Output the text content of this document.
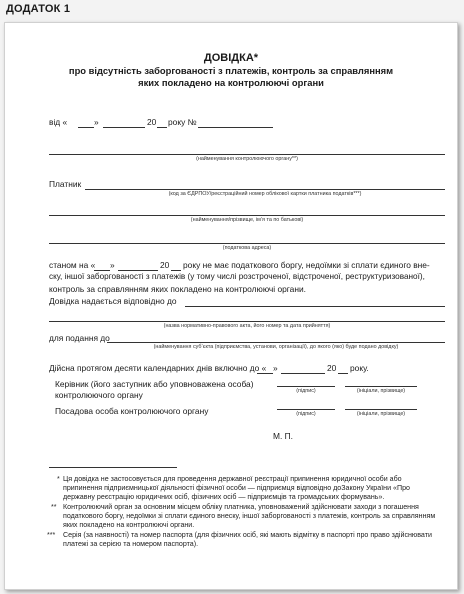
ДОДАТОК 1
ДОВІДКА*
про відсутність заборгованості з платежів, контроль за справлянням
яких покладено на контролюючі органи
від «	»	20 року №
(найменування контролюючого органу**)
Платник
(код за ЄДРПОУ/реєстраційний номер облікової картки платника податків***)
(найменування/прізвище, ім’я та по батькові)
(податкова адреса)
станом на « »	20 року не має податкового боргу, недоїмки зі сплати єдиного вне-
ску, іншої заборгованості з платежів (у тому числі розстроченої, відстроченої, реструктуризованої),
контроль за справлянням яких покладено на контролюючі органи.
Довідка надається відповідно до
(назва нормативно-правового акта, його номер та дата прийняття)
для подання до
(найменування суб’єкта (підприємства, установи, організації), до якого (яко) буде подано довідку)
Дійсна протягом десяти календарних днів включно до « »	20 року.
Керівник (його заступник або уповноважена особа)
контролюючого органу	(підпис)	(ініціали, прізвище)
Посадова особа контролюючого органу	(підпис)	(ініціали, прізвище)
М. П.
* Ця довідка не застосовується для проведення державної реєстрації припинення юридичної особи або припинення підприємницької діяльності фізичної особи — підприємця відповідно доЗакону України «Про державну реєстрацію юридичних осіб, фізичних осіб — підприємців та громадських формувань».
** Контролюючий орган за основним місцем обліку платника, уповноважений здійснювати заходи з погашення податкового боргу, недоїмки зі сплати єдиного внеску, іншої заборгованості з платежів, контроль за справлянням яких покладено на контролюючі органи.
*** Серія (за наявності) та номер паспорта (для фізичних осіб, які мають відмітку в паспорті про право здійснювати платежі за серією та номером паспорта).
